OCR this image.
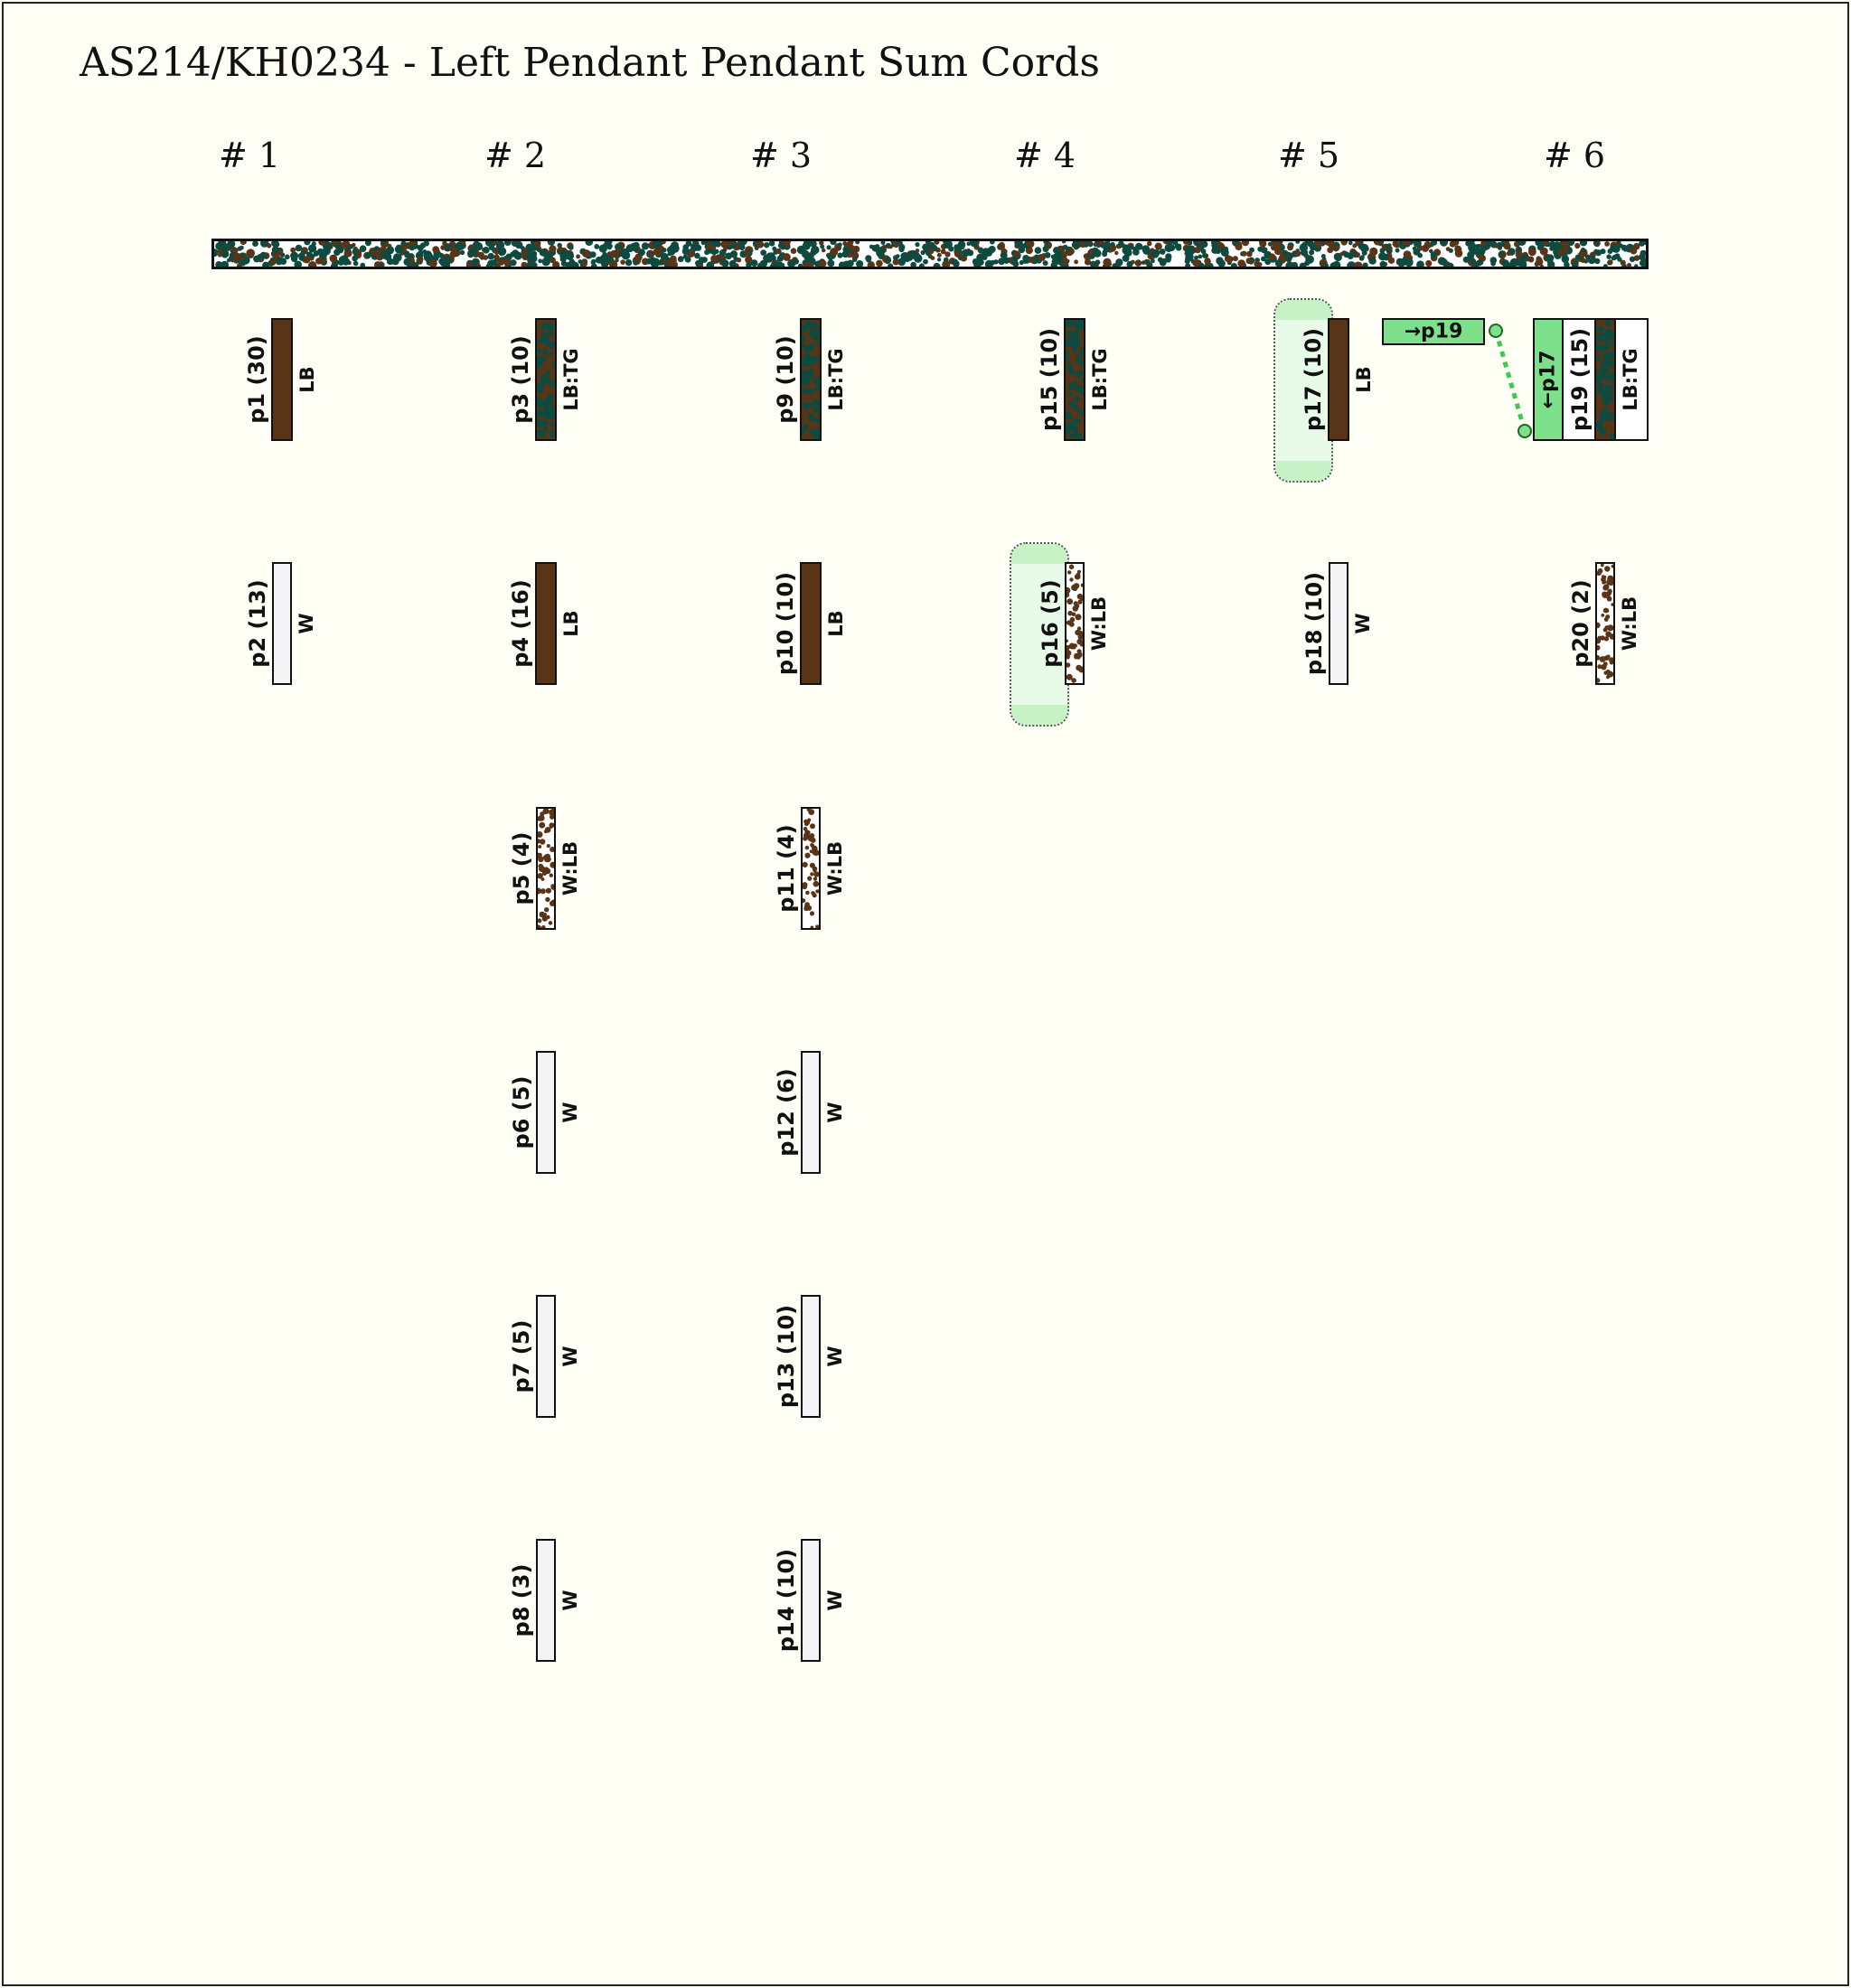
AS214/KH0234 - Left Pendant Pendant Sum Cords
→p19
←p17
# 1	# 2	# 3	# 4	# 5	# 6
p1 (30) LB
p2 (13) W
p3 (10) LB:TG
p4 (16) LB
p5 (4) W:LB
p6 (5) W
p7 (5) W
p8 (3) W
p9 (10) LB:TG
p10 (10) LB
p11 (4) W:LB
p12 (6) W
p13 (10) W
p14 (10) W
p15 (10) LB:TG
p16 (5) W:LB
p17 (10) LB
p18 (10) W
p19 (15) LB:TG
p20 (2) W:LB
